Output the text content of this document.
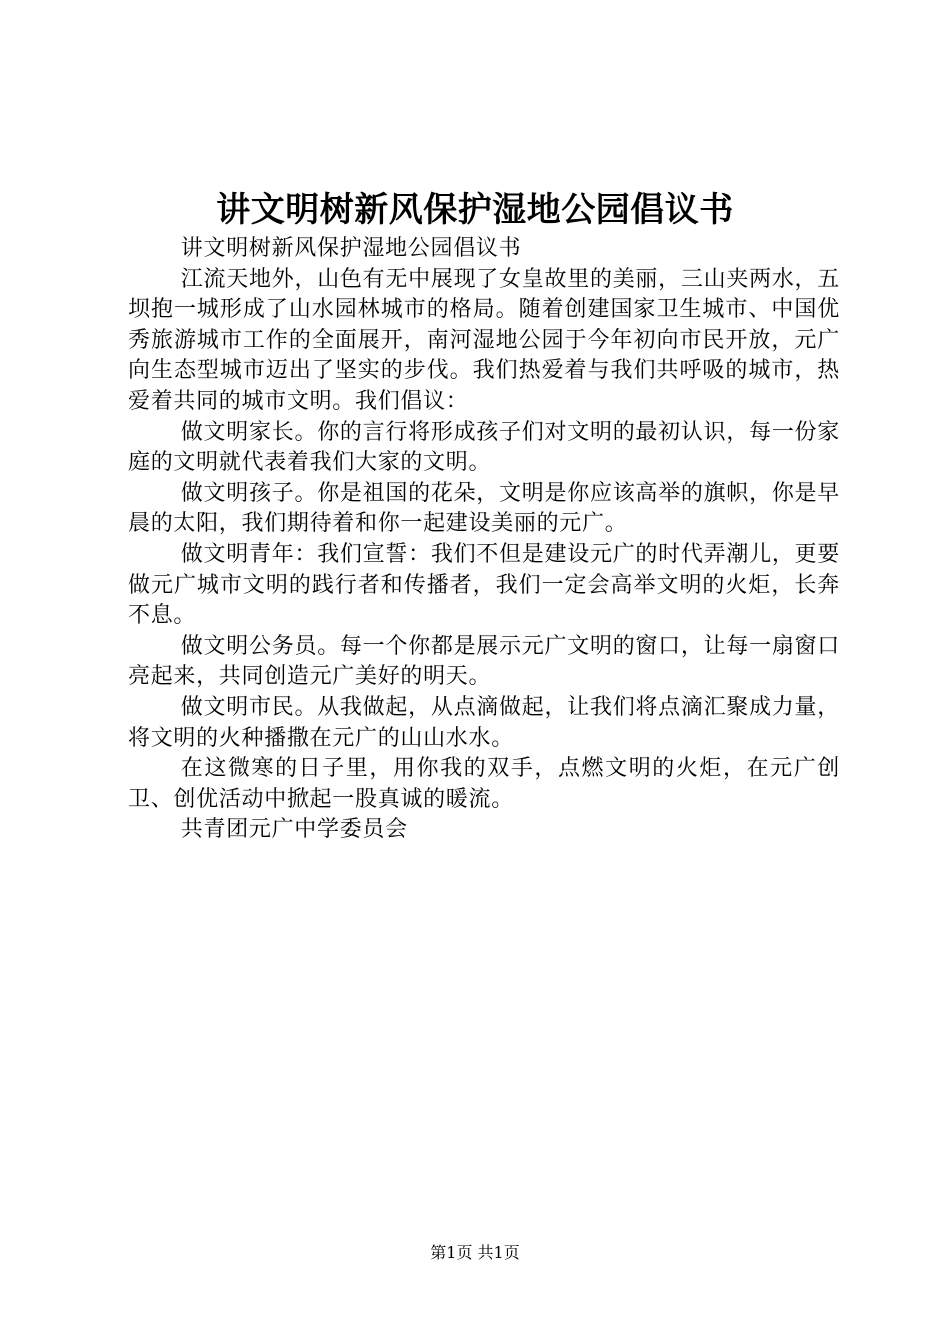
讲文明树新风保护湿地公园倡议书

讲文明树新风保护湿地公园倡议书

江流天地外，山色有无中展现了女皇故里的美丽，三山夹两水，五坝抱一城形成了山水园林城市的格局。随着创建国家卫生城市、中国优秀旅游城市工作的全面展开，南河湿地公园于今年初向市民开放，元广向生态型城市迈出了坚实的步伐。我们热爱着与我们共呼吸的城市，热爱着共同的城市文明。我们倡议：

做文明家长。你的言行将形成孩子们对文明的最初认识，每一份家庭的文明就代表着我们大家的文明。

做文明孩子。你是祖国的花朵，文明是你应该高举的旗帜，你是早晨的太阳，我们期待着和你一起建设美丽的元广。

做文明青年：我们宣誓：我们不但是建设元广的时代弄潮儿，更要做元广城市文明的践行者和传播者，我们一定会高举文明的火炬，长奔不息。

做文明公务员。每一个你都是展示元广文明的窗口，让每一扇窗口亮起来，共同创造元广美好的明天。

做文明市民。从我做起，从点滴做起，让我们将点滴汇聚成力量，将文明的火种播撒在元广的山山水水。

在这微寒的日子里，用你我的双手，点燃文明的火炬，在元广创卫、创优活动中掀起一股真诚的暖流。

共青团元广中学委员会

第1页 共1页
